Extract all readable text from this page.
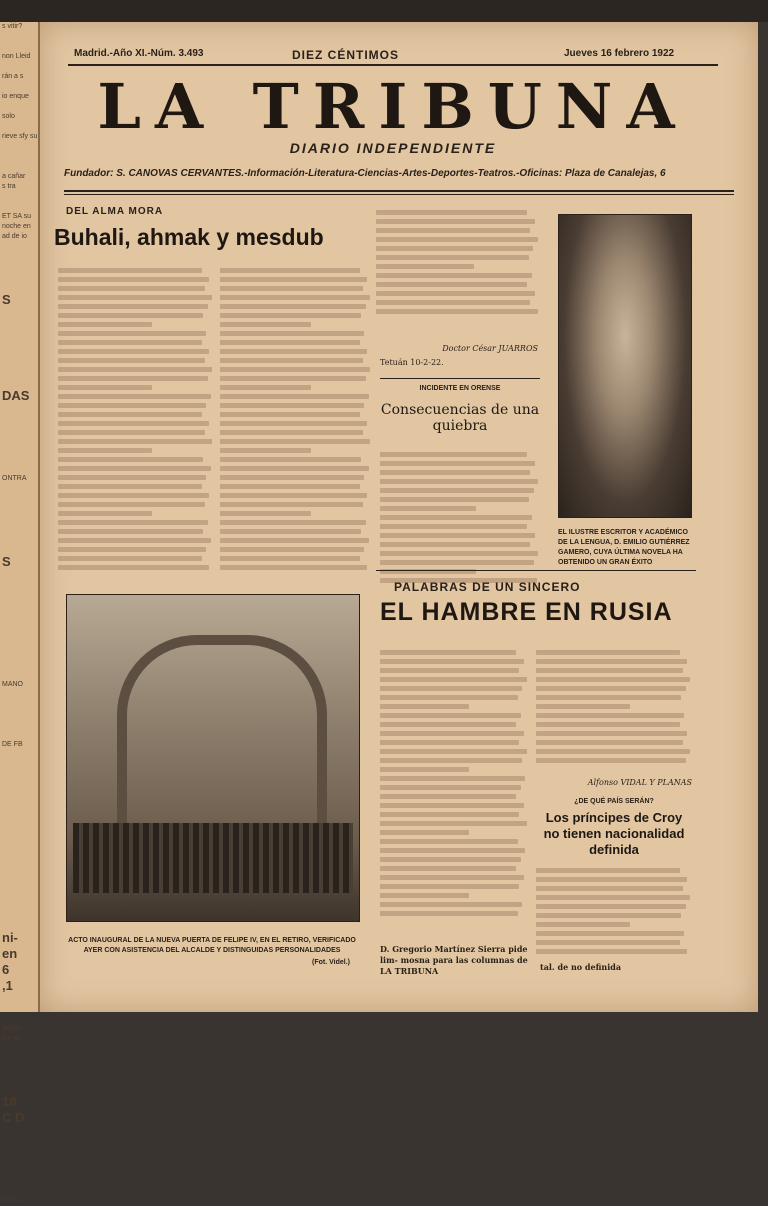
s vitir?

non Lleid

rán a s

io enque

solo

rieve sfy su

a cañar
s tra

ET SA su
noche en
ad de io

S

DAS

ONTRA

S

MANO

DE FB

ni-
en
6
,1

Redac-
ión en

18
C D

21-21
Madrid.-Año XI.-Núm. 3.493	DIEZ CÉNTIMOS	Jueves 16 febrero 1922
LA TRIBUNA
DIARIO INDEPENDIENTE
Fundador: S. CANOVAS CERVANTES.-Información-Literatura-Ciencias-Artes-Deportes-Teatros.-Oficinas: Plaza de Canalejas, 6
DEL ALMA MORA
Buhali, ahmak y mesdub
Doctor César JUARROS
Tetuán 10-2-22.
EL ILUSTRE ESCRITOR Y ACADÉMICO DE LA LENGUA, D. EMILIO GUTIÉRREZ GAMERO, CUYA ÚLTIMA NOVELA HA OBTENIDO UN GRAN ÉXITO
INCIDENTE EN ORENSE
Consecuencias de una quiebra
ACTO INAUGURAL DE LA NUEVA PUERTA DE FELIPE IV, EN EL RETIRO, VERIFICADO AYER CON ASISTENCIA DEL ALCALDE Y DISTINGUIDAS PERSONALIDADES
(Fot. Videl.)
PALABRAS DE UN SINCERO
EL HAMBRE EN RUSIA
Alfonso VIDAL Y PLANAS
D. Gregorio Martínez Sierra pide lim- mosna para las columnas de LA TRIBUNA
¿DE QUÉ PAÍS SERÁN?
Los príncipes de Croy no tienen nacionalidad definida
tal. de no definida
